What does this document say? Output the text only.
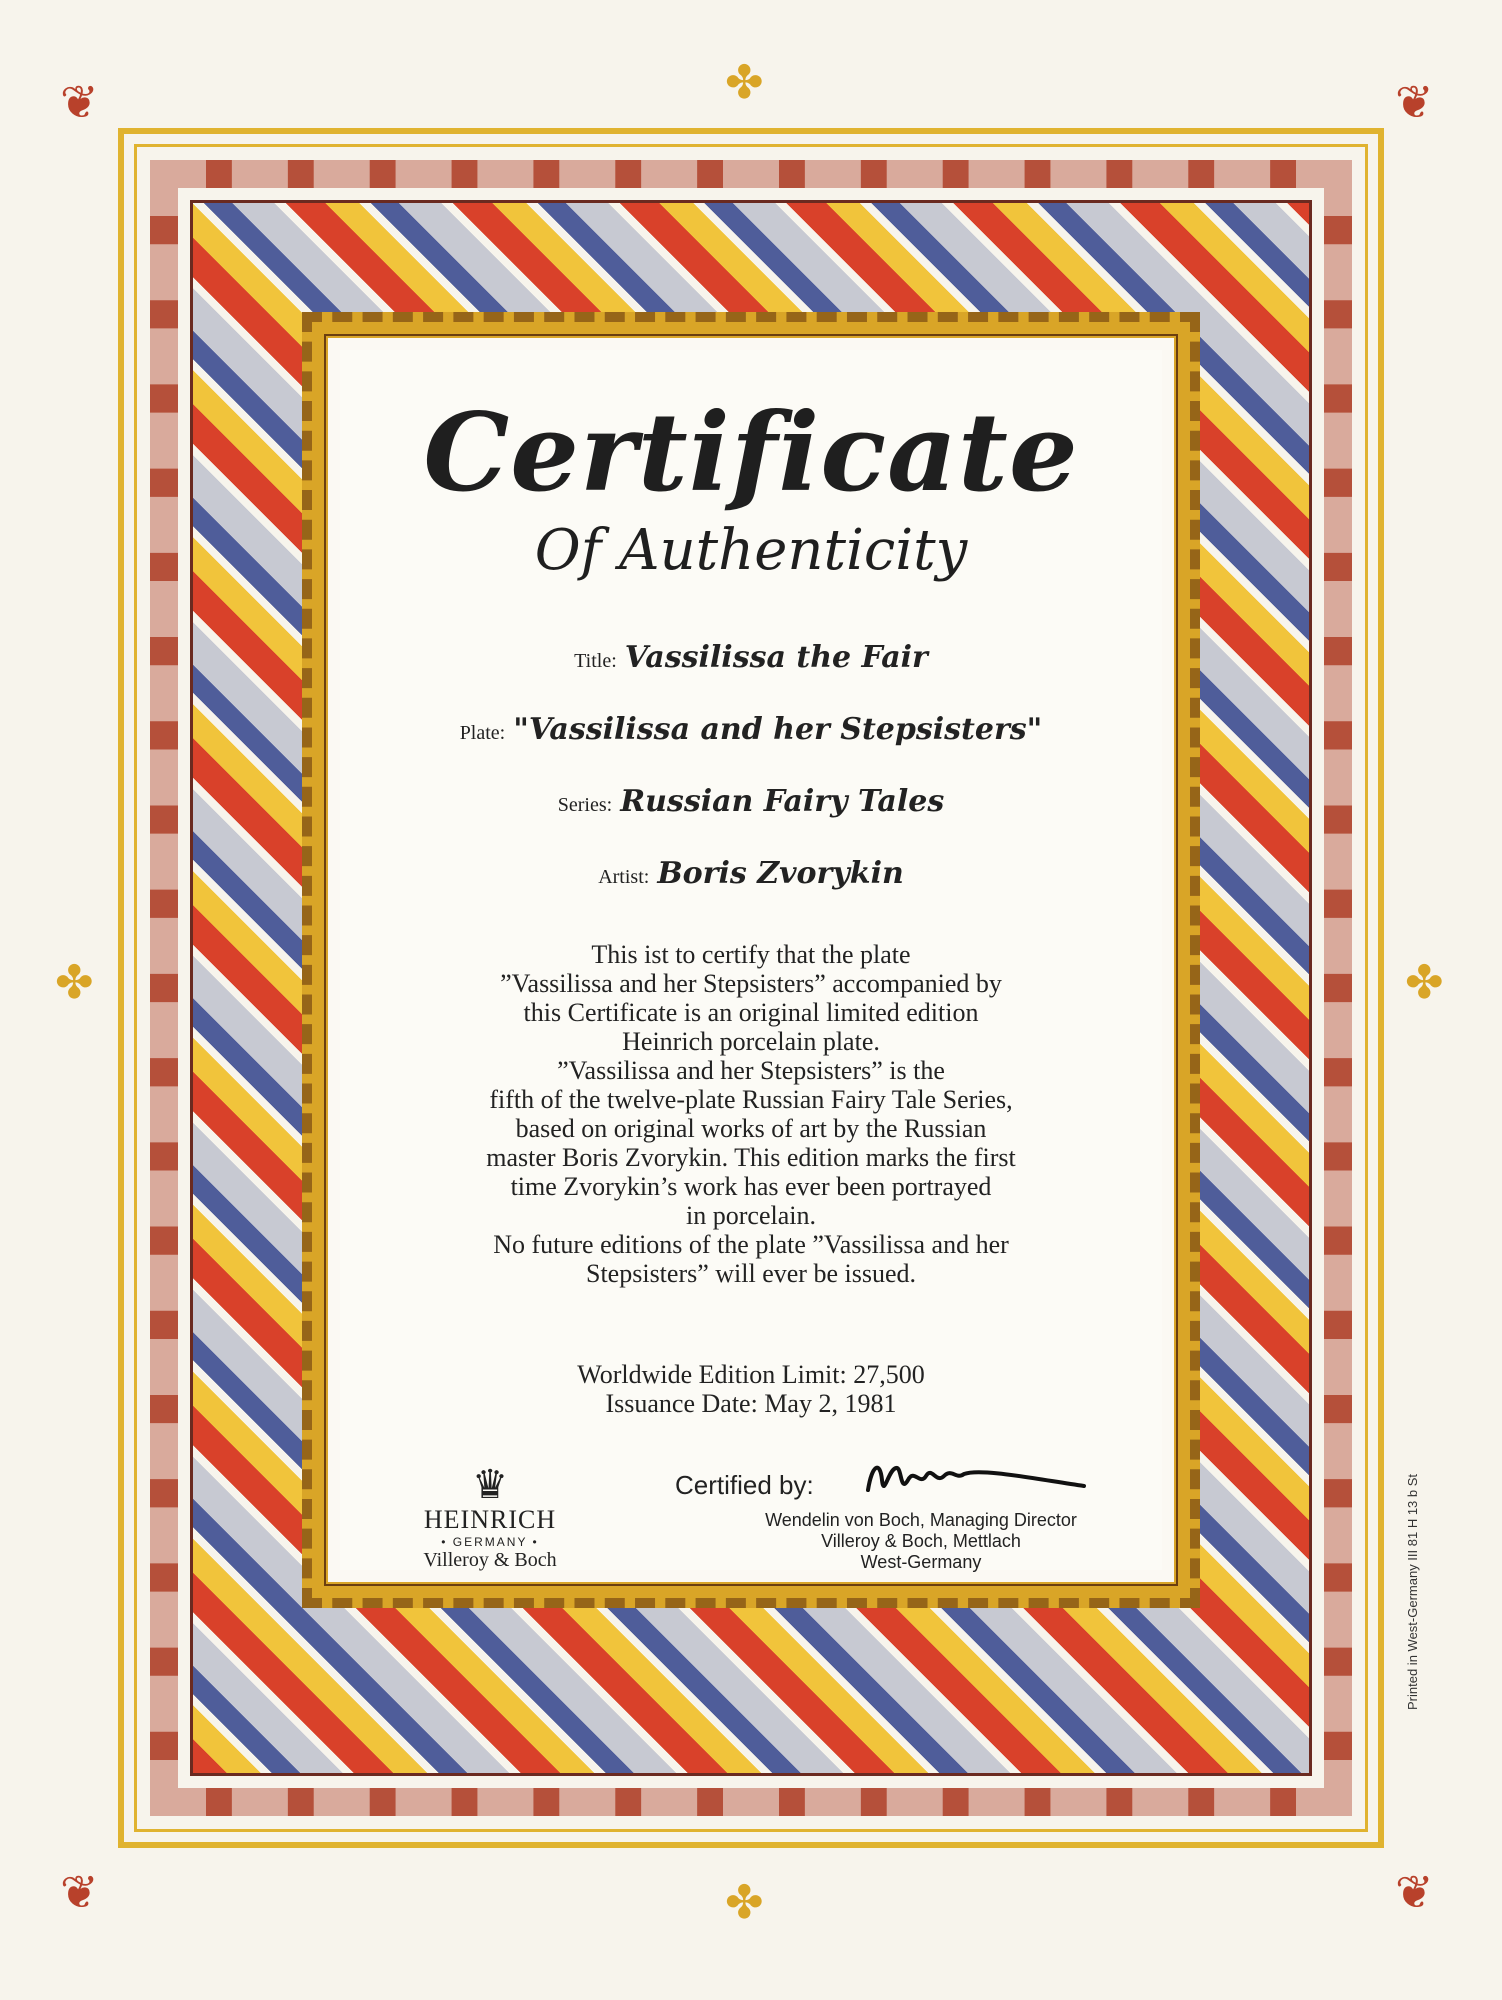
❦	❦
❦	❦
✤
✤
✤	✤
Certificate
Of Authenticity
Title: Vassilissa the Fair
Plate: "Vassilissa and her Stepsisters"
Series: Russian Fairy Tales
Artist: Boris Zvorykin
This ist to certify that the plate
”Vassilissa and her Stepsisters” accompanied by
this Certificate is an original limited edition
Heinrich porcelain plate.
”Vassilissa and her Stepsisters” is the
fifth of the twelve-plate Russian Fairy Tale Series,
based on original works of art by the Russian
master Boris Zvorykin. This edition marks the first
time Zvorykin’s work has ever been portrayed
in porcelain.
No future editions of the plate ”Vassilissa and her
Stepsisters” will ever be issued.
Worldwide Edition Limit: 27,500
Issuance Date: May 2, 1981
♛
HEINRICH
• GERMANY •
Villeroy & Boch
Certified by:
Wendelin von Boch, Managing Director
Villeroy & Boch, Mettlach
West-Germany	Printed in West-Germany III 81 H 13 b St
